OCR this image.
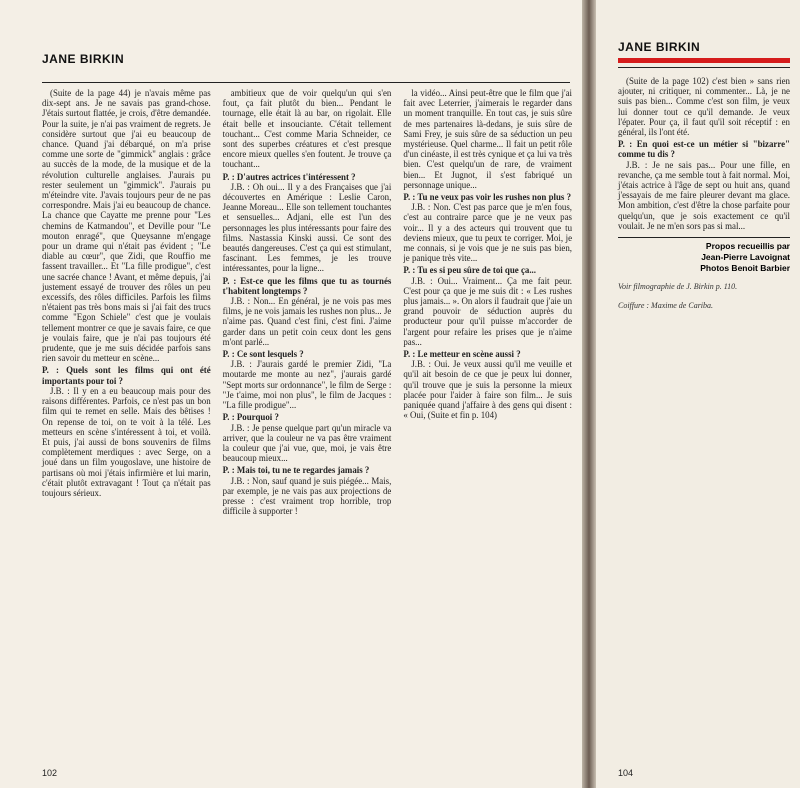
JANE BIRKIN

(Suite de la page 44) je n'avais même pas dix-sept ans. Je ne savais pas grand-chose. J'étais surtout flattée, je crois, d'être demandée. Pour la suite, je n'ai pas vraiment de regrets. Je considère surtout que j'ai eu beaucoup de chance. Quand j'ai débarqué, on m'a prise comme une sorte de "gimmick" anglais : grâce au succès de la mode, de la musique et de la révolution culturelle anglaises. J'aurais pu rester seulement un "gimmick". J'aurais pu m'éteindre vite. J'avais toujours peur de ne pas correspondre. Mais j'ai eu beaucoup de chance. La chance que Cayatte me prenne pour "Les chemins de Katmandou", et Deville pour "Le mouton enragé", que Queysanne m'engage pour un drame qui n'était pas évident ; "Le diable au cœur", que Zidi, que Rouffio me fassent travailler... Et "La fille prodigue", c'est une sacrée chance ! Avant, et même depuis, j'ai justement essayé de trouver des rôles un peu excessifs, des rôles difficiles. Parfois les films n'étaient pas très bons mais si j'ai fait des trucs comme "Egon Schiele" c'est que je voulais tellement montrer ce que je savais faire, ce que je voulais faire, que je n'ai pas toujours été prudente, que je me suis décidée parfois sans rien savoir du metteur en scène...

P. : Quels sont les films qui ont été importants pour toi ?

J.B. : Il y en a eu beaucoup mais pour des raisons différentes. Parfois, ce n'est pas un bon film qui te remet en selle. Mais des bêtises ! On repense de toi, on te voit à la télé. Les metteurs en scène s'intéressent à toi, et voilà. Et puis, j'ai aussi de bons souvenirs de films complètement merdiques : avec Serge, on a joué dans un film yougoslave, une histoire de partisans où moi j'étais infirmière et lui marin, c'était plutôt extravagant ! Tout ça n'était pas toujours sérieux.

ambitieux que de voir quelqu'un qui s'en fout, ça fait plutôt du bien... Pendant le tournage, elle était là au bar, on rigolait. Elle était belle et insouciante. C'était tellement touchant... C'est comme Maria Schneider, ce sont des superbes créatures et c'est presque encore mieux quelles s'en foutent. Je trouve ça touchant...

P. : D'autres actrices t'intéressent ?

J.B. : Oh oui... Il y a des Françaises que j'ai découvertes en Amérique : Leslie Caron, Jeanne Moreau... Elle son tellement touchantes et sensuelles... Adjani, elle est l'un des personnages les plus intéressants pour faire des films. Nastassia Kinski aussi. Ce sont des beautés dangereuses. C'est ça qui est stimulant, fascinant. Les femmes, je les trouve intéressantes, pour la ligne...

P. : Est-ce que les films que tu as tournés t'habitent longtemps ?

J.B. : Non... En général, je ne vois pas mes films, je ne vois jamais les rushes non plus... Je n'aime pas. Quand c'est fini, c'est fini. J'aime garder dans un petit coin ceux dont les gens m'ont parlé...

P. : Ce sont lesquels ?

J.B. : J'aurais gardé le premier Zidi, "La moutarde me monte au nez", j'aurais gardé "Sept morts sur ordonnance", le film de Serge : "Je t'aime, moi non plus", le film de Jacques : "La fille prodigue"...

P. : Pourquoi ?

J.B. : Je pense quelque part qu'un miracle va arriver, que la couleur ne va pas être vraiment la couleur que j'ai vue, que, moi, je vais être beaucoup mieux...

P. : Mais toi, tu ne te regardes jamais ?

J.B. : Non, sauf quand je suis piégée... Mais, par exemple, je ne vais pas aux projections de presse : c'est vraiment trop horrible, trop difficile à supporter !

la vidéo... Ainsi peut-être que le film que j'ai fait avec Leterrier, j'aimerais le regarder dans un moment tranquille. En tout cas, je suis sûre de mes partenaires là-dedans, je suis sûre de Sami Frey, je suis sûre de sa séduction un peu mystérieuse. Quel charme... Il fait un petit rôle d'un cinéaste, il est très cynique et ça lui va très bien. C'est quelqu'un de rare, de vraiment bien... Et Jugnot, il s'est fabriqué un personnage unique...

P. : Tu ne veux pas voir les rushes non plus ?

J.B. : Non. C'est pas parce que je m'en fous, c'est au contraire parce que je ne veux pas voir... Il y a des acteurs qui trouvent que tu deviens mieux, que tu peux te corriger. Moi, je me connais, si je vois que je ne suis pas bien, je panique très vite...

P. : Tu es si peu sûre de toi que ça...

J.B. : Oui... Vraiment... Ça me fait peur. C'est pour ça que je me suis dit : « Les rushes plus jamais... ». On alors il faudrait que j'aie un grand pouvoir de séduction auprès du producteur pour qu'il puisse m'accorder de l'argent pour refaire les prises que je n'aime pas...

P. : Le metteur en scène aussi ?

J.B. : Oui. Je veux aussi qu'il me veuille et qu'il ait besoin de ce que je peux lui donner, qu'il trouve que je suis la personne la mieux placée pour l'aider à faire son film... Je suis paniquée quand j'affaire à des gens qui disent : « Oui, (Suite et fin p. 104)

102
JANE BIRKIN

(Suite de la page 102) c'est bien » sans rien ajouter, ni critiquer, ni commenter... Là, je ne suis pas bien... Comme c'est son film, je veux lui donner tout ce qu'il demande. Je veux l'épater. Pour ça, il faut qu'il soit réceptif : en général, ils l'ont été.

P. : En quoi est-ce un métier si "bizarre" comme tu dis ?

J.B. : Je ne sais pas... Pour une fille, en revanche, ça me semble tout à fait normal. Moi, j'étais actrice à l'âge de sept ou huit ans, quand j'essayais de me faire pleurer devant ma glace. Mon ambition, c'est d'être la chose parfaite pour quelqu'un, que je sois exactement ce qu'il voulait. Je ne m'en sors pas si mal...

Propos recueillis par
Jean-Pierre Lavoignat
Photos Benoit Barbier
Voir filmographie de J. Birkin p. 110.
Coiffure : Maxime de Cariba.
104
